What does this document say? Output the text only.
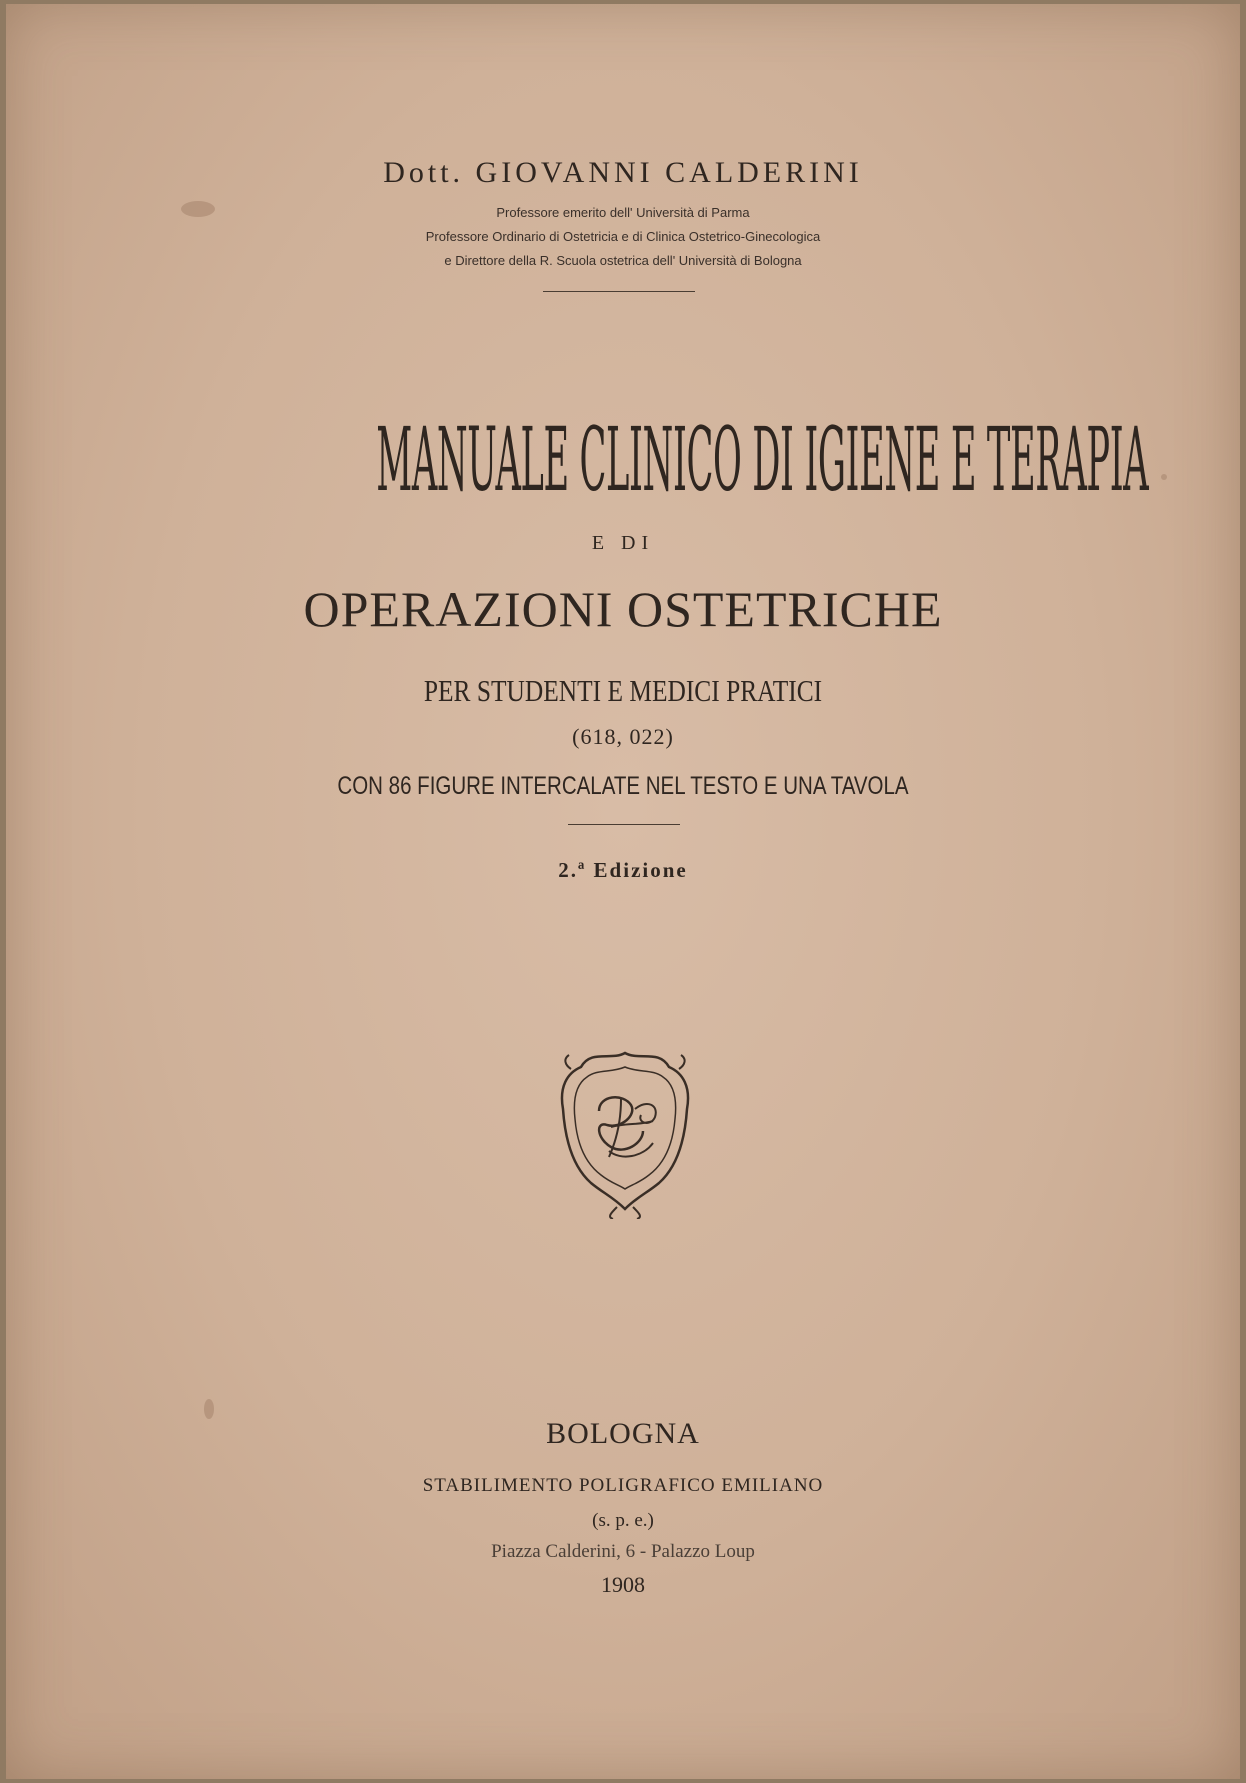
Dott. GIOVANNI CALDERINI
Professore emerito dell' Università di Parma
Professore Ordinario di Ostetricia e di Clinica Ostetrico-Ginecologica
e Direttore della R. Scuola ostetrica dell' Università di Bologna
MANUALE CLINICO DI IGIENE E TERAPIA
E DI
OPERAZIONI OSTETRICHE
PER STUDENTI E MEDICI PRATICI
(618, 022)
CON 86 FIGURE INTERCALATE NEL TESTO E UNA TAVOLA
2.ª Edizione
BOLOGNA
STABILIMENTO POLIGRAFICO EMILIANO
(s. p. e.)
Piazza Calderini, 6 - Palazzo Loup
1908
